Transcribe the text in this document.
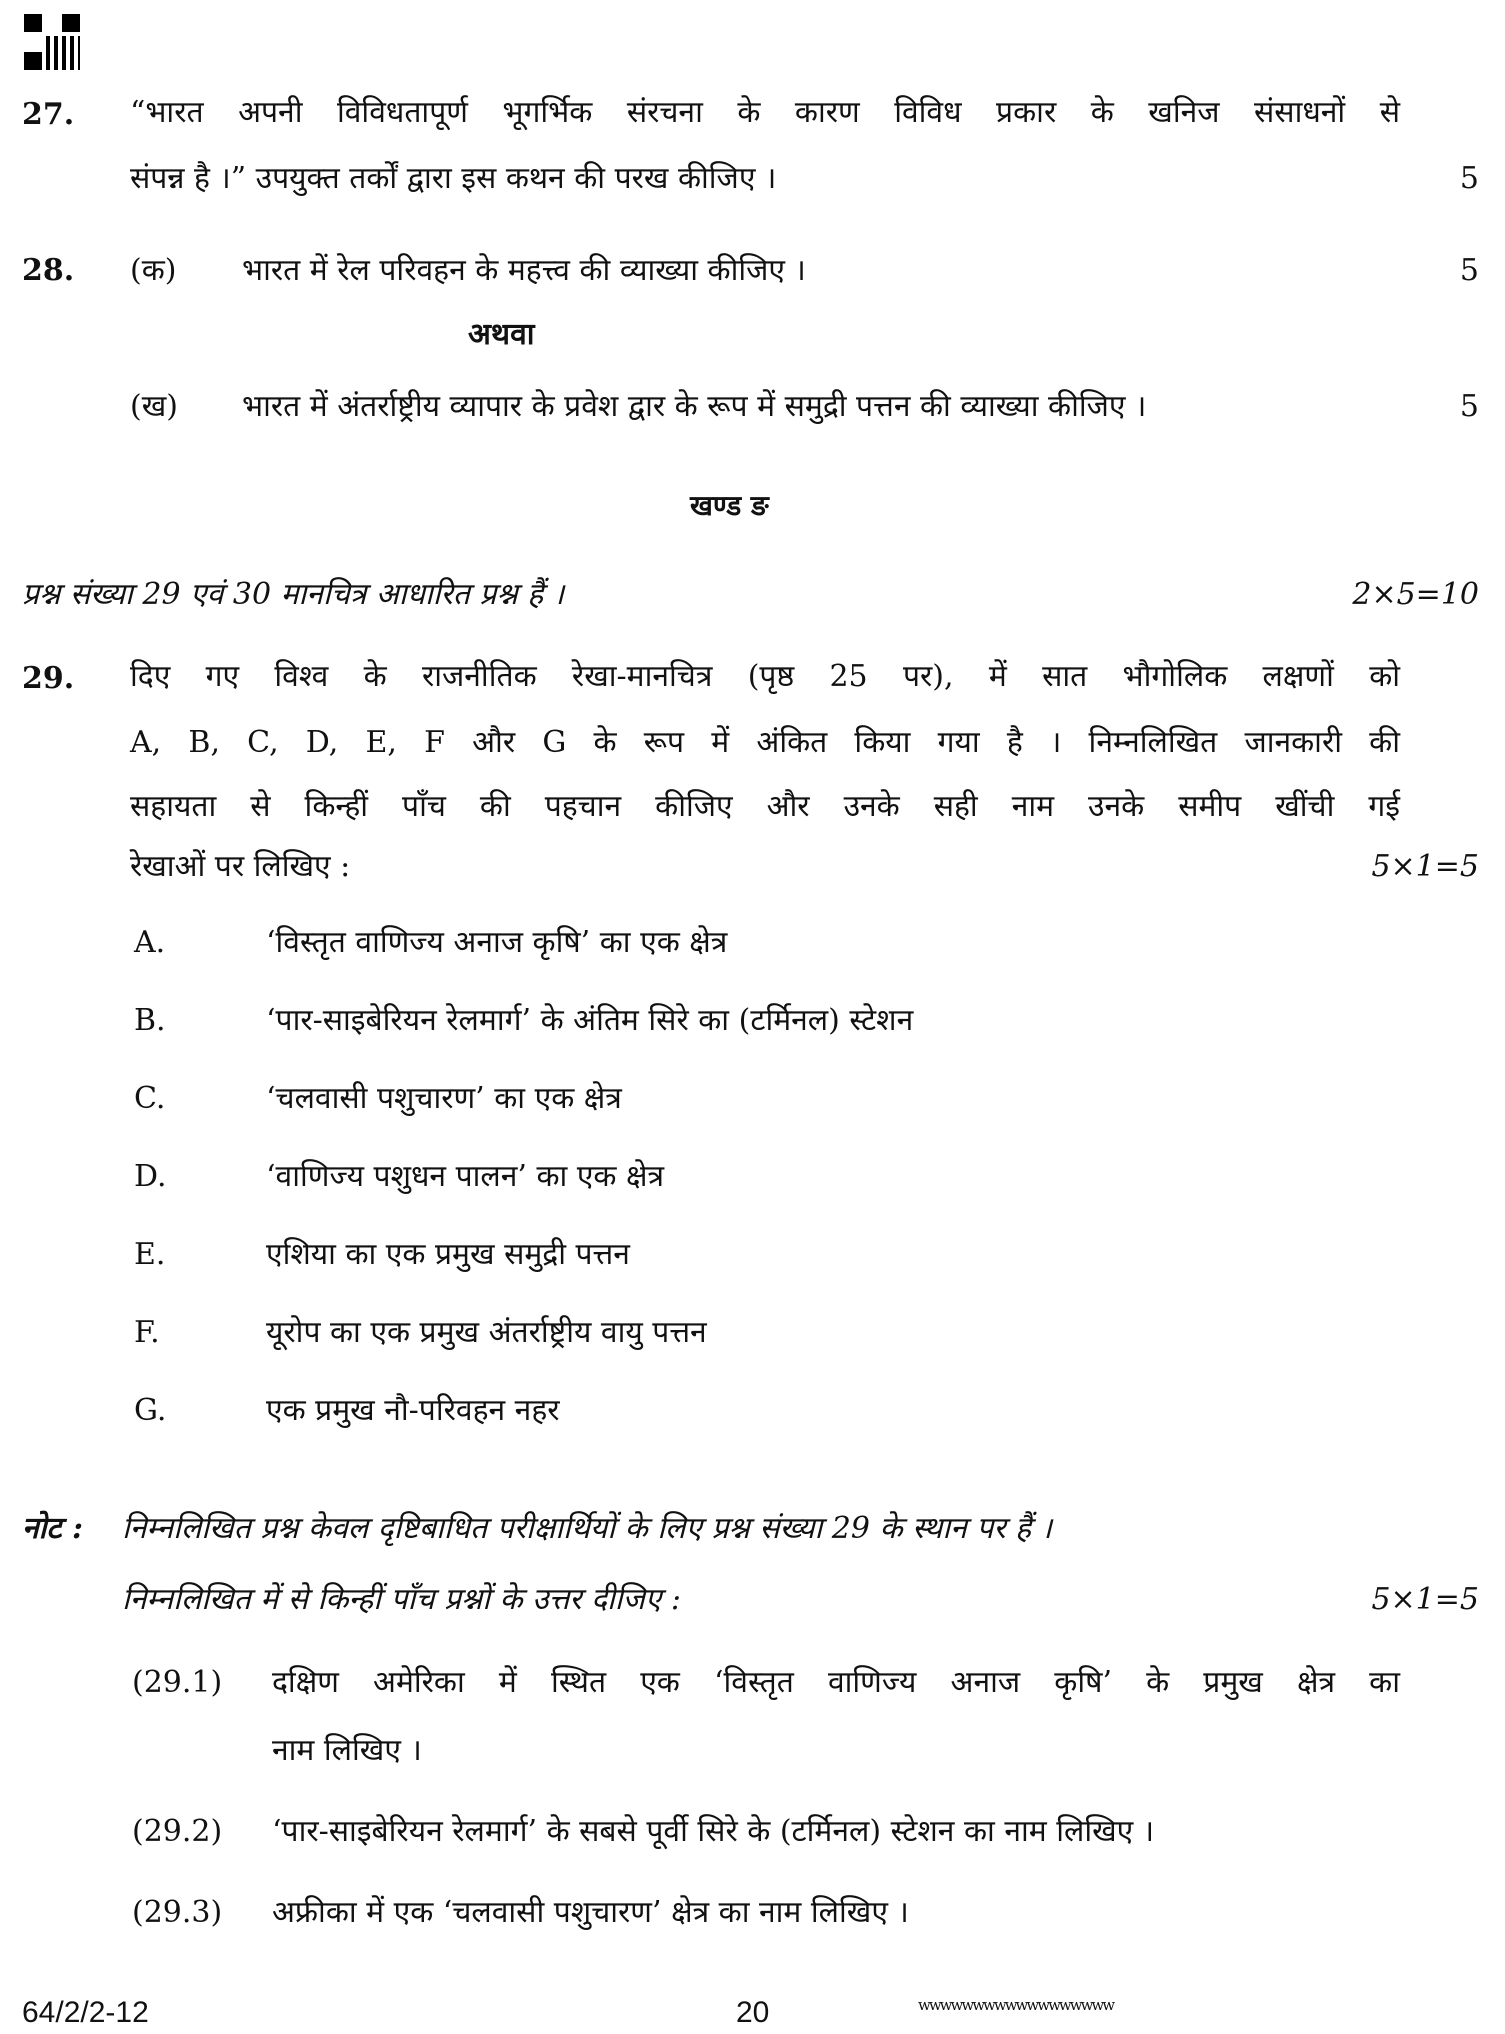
27. “भारत अपनी विविधतापूर्ण भूगर्भिक संरचना के कारण विविध प्रकार के खनिज संसाधनों से
संपन्न है ।” उपयुक्त तर्कों द्वारा इस कथन की परख कीजिए ।	5
28. (क) भारत में रेल परिवहन के महत्त्व की व्याख्या कीजिए ।	5
अथवा
(ख) भारत में अंतर्राष्ट्रीय व्यापार के प्रवेश द्वार के रूप में समुद्री पत्तन की व्याख्या कीजिए ।	5
खण्ड ङ
प्रश्न संख्या 29 एवं 30 मानचित्र आधारित प्रश्न हैं ।	2×5=10
29. दिए गए विश्व के राजनीतिक रेखा-मानचित्र (पृष्ठ 25 पर), में सात भौगोलिक लक्षणों को
A, B, C, D, E, F और G के रूप में अंकित किया गया है । निम्नलिखित जानकारी की
सहायता से किन्हीं पाँच की पहचान कीजिए और उनके सही नाम उनके समीप खींची गई
रेखाओं पर लिखिए :	5×1=5
A.	‘विस्तृत वाणिज्य अनाज कृषि’ का एक क्षेत्र
B.	‘पार-साइबेरियन रेलमार्ग’ के अंतिम सिरे का (टर्मिनल) स्टेशन
C.	‘चलवासी पशुचारण’ का एक क्षेत्र
D.	‘वाणिज्य पशुधन पालन’ का एक क्षेत्र
E.	एशिया का एक प्रमुख समुद्री पत्तन
F.	यूरोप का एक प्रमुख अंतर्राष्ट्रीय वायु पत्तन
G.	एक प्रमुख नौ-परिवहन नहर
नोट : निम्नलिखित प्रश्न केवल दृष्टिबाधित परीक्षार्थियों के लिए प्रश्न संख्या 29 के स्थान पर हैं ।
निम्नलिखित में से किन्हीं पाँच प्रश्नों के उत्तर दीजिए :	5×1=5
(29.1) दक्षिण अमेरिका में स्थित एक ‘विस्तृत वाणिज्य अनाज कृषि’ के प्रमुख क्षेत्र का
नाम लिखिए ।
(29.2) ‘पार-साइबेरियन रेलमार्ग’ के सबसे पूर्वी सिरे के (टर्मिनल) स्टेशन का नाम लिखिए ।
(29.3) अफ्रीका में एक ‘चलवासी पशुचारण’ क्षेत्र का नाम लिखिए ।
64/2/2-12	20	wwwwwwwwwwwwwwwwww
